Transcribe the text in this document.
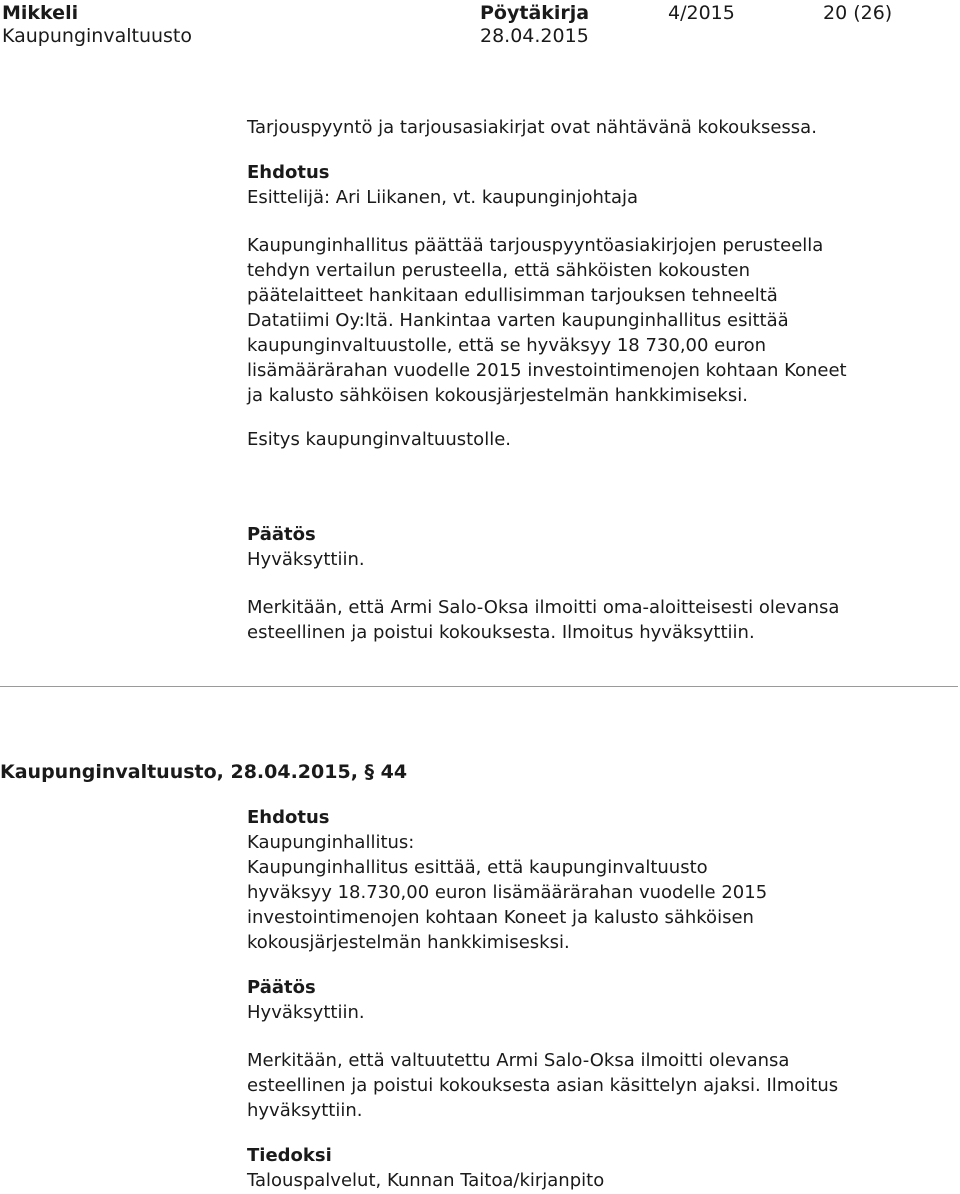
Mikkeli
Kaupunginvaltuusto
Pöytäkirja
28.04.2015
4/2015	20 (26)

Tarjouspyyntö ja tarjousasiakirjat ovat nähtävänä kokouksessa.

Ehdotus

Esittelijä: Ari Liikanen, vt. kaupunginjohtaja

Kaupunginhallitus päättää tarjouspyyntöasiakirjojen perusteella

tehdyn vertailun perusteella, että sähköisten kokousten

päätelaitteet hankitaan edullisimman tarjouksen tehneeltä

Datatiimi Oy:ltä. Hankintaa varten kaupunginhallitus esittää

kaupunginvaltuustolle, että se hyväksyy 18 730,00 euron

lisämäärärahan vuodelle 2015 investointimenojen kohtaan Koneet

ja kalusto sähköisen kokousjärjestelmän hankkimiseksi.

Esitys kaupunginvaltuustolle.

Päätös

Hyväksyttiin.

Merkitään, että Armi Salo-Oksa ilmoitti oma-aloitteisesti olevansa

esteellinen ja poistui kokouksesta. Ilmoitus hyväksyttiin.

Kaupunginvaltuusto, 28.04.2015, § 44

Ehdotus

Kaupunginhallitus:

Kaupunginhallitus esittää, että kaupunginvaltuusto

hyväksyy 18.730,00 euron lisämäärärahan vuodelle 2015

investointimenojen kohtaan Koneet ja kalusto sähköisen

kokousjärjestelmän hankkimisesksi.

Päätös

Hyväksyttiin.

Merkitään, että valtuutettu Armi Salo-Oksa ilmoitti olevansa

esteellinen ja poistui kokouksesta asian käsittelyn ajaksi. Ilmoitus

hyväksyttiin.

Tiedoksi

Talouspalvelut, Kunnan Taitoa/kirjanpito
